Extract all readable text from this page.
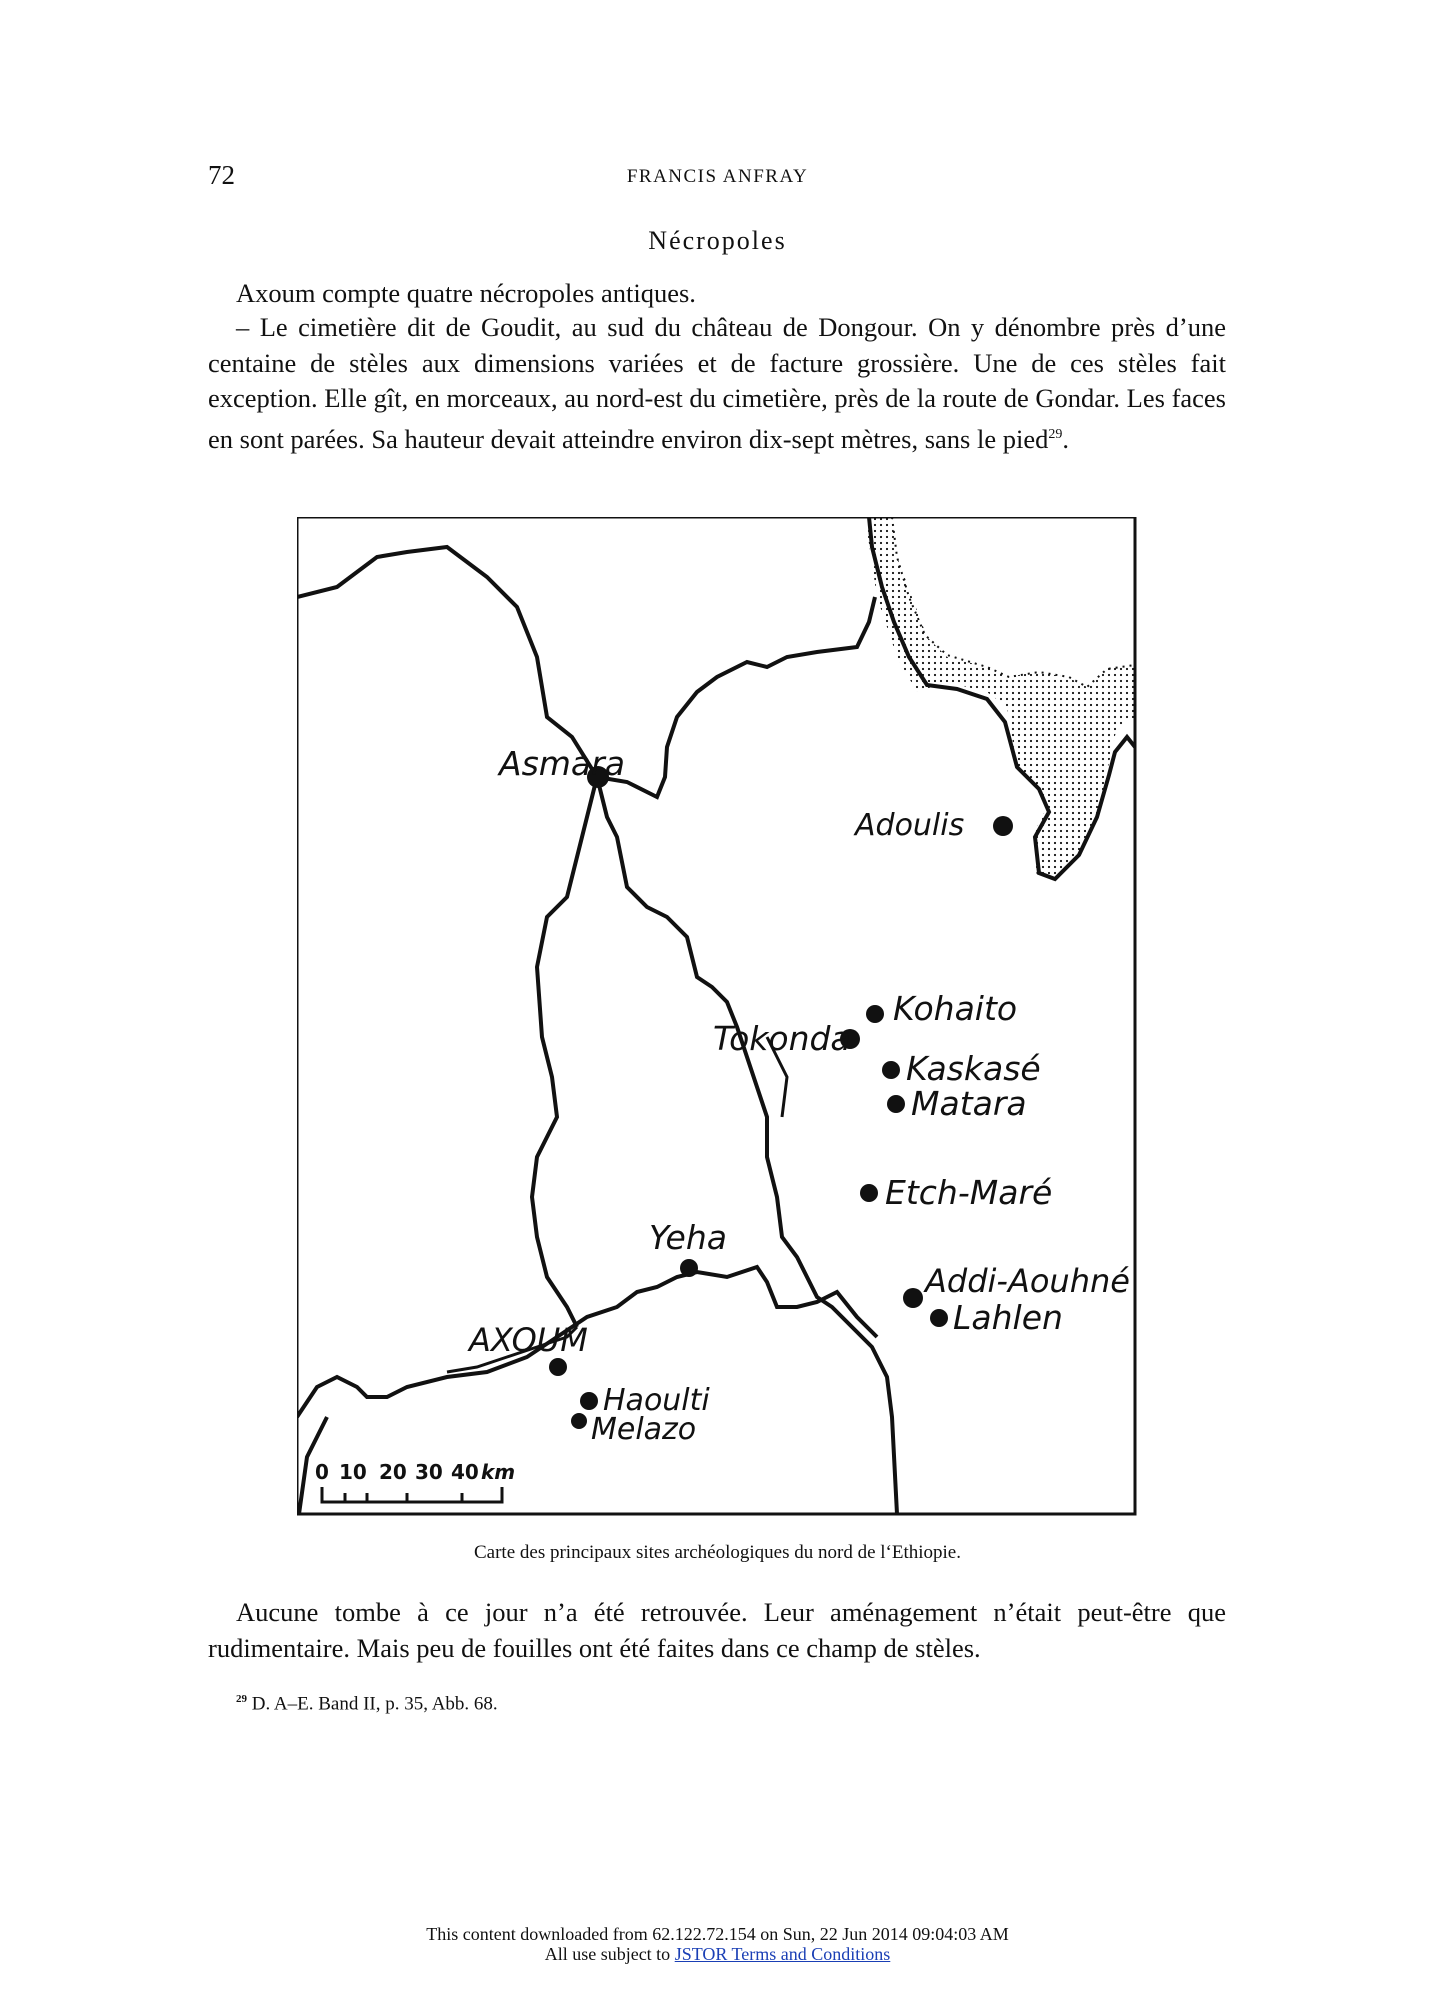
72	FRANCIS ANFRAY
Nécropoles
Axoum compte quatre nécropoles antiques.
– Le cimetière dit de Goudit, au sud du château de Dongour. On y dénombre près d’une centaine de stèles aux dimensions variées et de facture grossière. Une de ces stèles fait exception. Elle gît, en morceaux, au nord-est du cimetière, près de la route de Gondar. Les faces en sont parées. Sa hauteur devait atteindre environ dix-sept mètres, sans le pied$^{29}$.
Asmara
Adoulis
Kohaito
Tokonda
Kaskasé
Matara
Etch-Maré
Yeha
Addi-Aouhné
Lahlen
AXOUM
Haoulti
Melazo
0 10 20 30 40 km
Carte des principaux sites archéologiques du nord de l‘Ethiopie.
Aucune tombe à ce jour n’a été retrouvée. Leur aménagement n’était peut-être que rudimentaire. Mais peu de fouilles ont été faites dans ce champ de stèles.
$^{29}$ D. A–E. Band II, p. 35, Abb. 68.
This content downloaded from 62.122.72.154 on Sun, 22 Jun 2014 09:04:03 AM
All use subject to JSTOR Terms and Conditions
